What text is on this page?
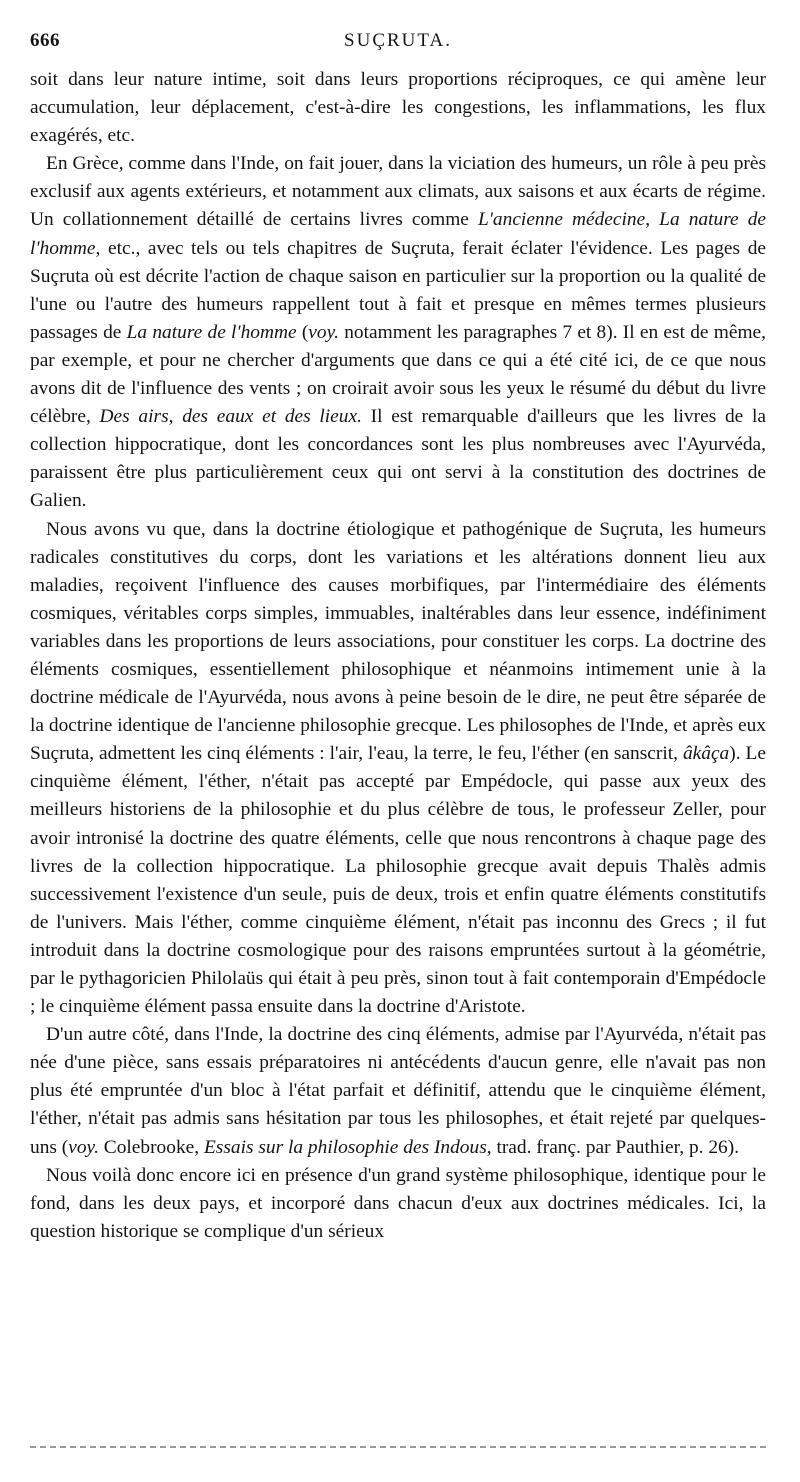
666	SUÇRUTA.

soit dans leur nature intime, soit dans leurs proportions réciproques, ce qui amène leur accumulation, leur déplacement, c'est-à-dire les congestions, les inflammations, les flux exagérés, etc.

En Grèce, comme dans l'Inde, on fait jouer, dans la viciation des humeurs, un rôle à peu près exclusif aux agents extérieurs, et notamment aux climats, aux saisons et aux écarts de régime. Un collationnement détaillé de certains livres comme L'ancienne médecine, La nature de l'homme, etc., avec tels ou tels chapitres de Suçruta, ferait éclater l'évidence. Les pages de Suçruta où est décrite l'action de chaque saison en particulier sur la proportion ou la qualité de l'une ou l'autre des humeurs rappellent tout à fait et presque en mêmes termes plusieurs passages de La nature de l'homme (voy. notamment les paragraphes 7 et 8). Il en est de même, par exemple, et pour ne chercher d'arguments que dans ce qui a été cité ici, de ce que nous avons dit de l'influence des vents ; on croirait avoir sous les yeux le résumé du début du livre célèbre, Des airs, des eaux et des lieux. Il est remarquable d'ailleurs que les livres de la collection hippocratique, dont les concordances sont les plus nombreuses avec l'Ayurvéda, paraissent être plus particulièrement ceux qui ont servi à la constitution des doctrines de Galien.

Nous avons vu que, dans la doctrine étiologique et pathogénique de Suçruta, les humeurs radicales constitutives du corps, dont les variations et les altérations donnent lieu aux maladies, reçoivent l'influence des causes morbifiques, par l'intermédiaire des éléments cosmiques, véritables corps simples, immuables, inaltérables dans leur essence, indéfiniment variables dans les proportions de leurs associations, pour constituer les corps. La doctrine des éléments cosmiques, essentiellement philosophique et néanmoins intimement unie à la doctrine médicale de l'Ayurvéda, nous avons à peine besoin de le dire, ne peut être séparée de la doctrine identique de l'ancienne philosophie grecque. Les philosophes de l'Inde, et après eux Suçruta, admettent les cinq éléments : l'air, l'eau, la terre, le feu, l'éther (en sanscrit, âkâça). Le cinquième élément, l'éther, n'était pas accepté par Empédocle, qui passe aux yeux des meilleurs historiens de la philosophie et du plus célèbre de tous, le professeur Zeller, pour avoir intronisé la doctrine des quatre éléments, celle que nous rencontrons à chaque page des livres de la collection hippocratique. La philosophie grecque avait depuis Thalès admis successivement l'existence d'un seule, puis de deux, trois et enfin quatre éléments constitutifs de l'univers. Mais l'éther, comme cinquième élément, n'était pas inconnu des Grecs ; il fut introduit dans la doctrine cosmologique pour des raisons empruntées surtout à la géométrie, par le pythagoricien Philolaüs qui était à peu près, sinon tout à fait contemporain d'Empédocle ; le cinquième élément passa ensuite dans la doctrine d'Aristote.

D'un autre côté, dans l'Inde, la doctrine des cinq éléments, admise par l'Ayurvéda, n'était pas née d'une pièce, sans essais préparatoires ni antécédents d'aucun genre, elle n'avait pas non plus été empruntée d'un bloc à l'état parfait et définitif, attendu que le cinquième élément, l'éther, n'était pas admis sans hésitation par tous les philosophes, et était rejeté par quelques-uns (voy. Colebrooke, Essais sur la philosophie des Indous, trad. franç. par Pauthier, p. 26).

Nous voilà donc encore ici en présence d'un grand système philosophique, identique pour le fond, dans les deux pays, et incorporé dans chacun d'eux aux doctrines médicales. Ici, la question historique se complique d'un sérieux
